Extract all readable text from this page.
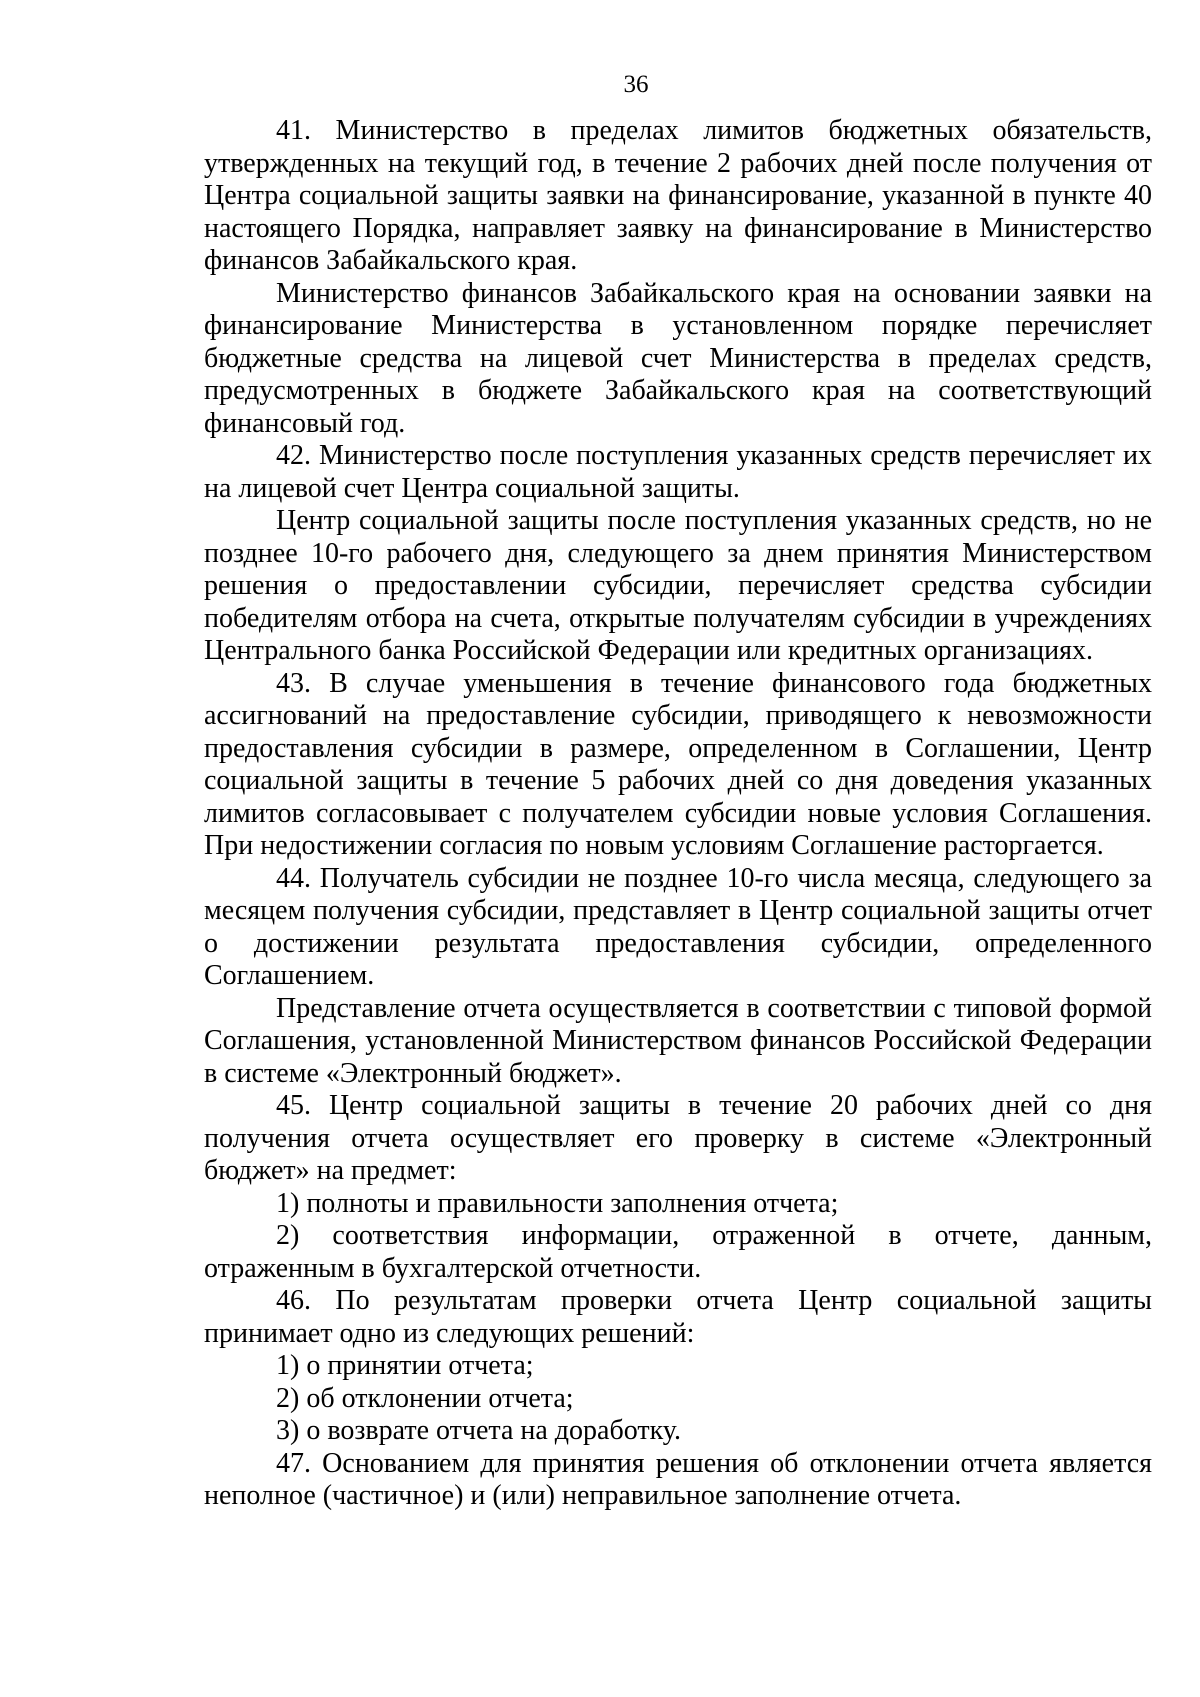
36

41. Министерство в пределах лимитов бюджетных обязательств, утвержденных на текущий год, в течение 2 рабочих дней после получения от Центра социальной защиты заявки на финансирование, указанной в пункте 40 настоящего Порядка, направляет заявку на финансирование в Министерство финансов Забайкальского края.

Министерство финансов Забайкальского края на основании заявки на финансирование Министерства в установленном порядке перечисляет бюджетные средства на лицевой счет Министерства в пределах средств, предусмотренных в бюджете Забайкальского края на соответствующий финансовый год.

42. Министерство после поступления указанных средств перечисляет их на лицевой счет Центра социальной защиты.

Центр социальной защиты после поступления указанных средств, но не позднее 10-го рабочего дня, следующего за днем принятия Министерством решения о предоставлении субсидии, перечисляет средства субсидии победителям отбора на счета, открытые получателям субсидии в учреждениях Центрального банка Российской Федерации или кредитных организациях.

43. В случае уменьшения в течение финансового года бюджетных ассигнований на предоставление субсидии, приводящего к невозможности предоставления субсидии в размере, определенном в Соглашении, Центр социальной защиты в течение 5 рабочих дней со дня доведения указанных лимитов согласовывает с получателем субсидии новые условия Соглашения. При недостижении согласия по новым условиям Соглашение расторгается.

44. Получатель субсидии не позднее 10-го числа месяца, следующего за месяцем получения субсидии, представляет в Центр социальной защиты отчет о достижении результата предоставления субсидии, определенного Соглашением.

Представление отчета осуществляется в соответствии с типовой формой Соглашения, установленной Министерством финансов Российской Федерации в системе «Электронный бюджет».

45. Центр социальной защиты в течение 20 рабочих дней со дня получения отчета осуществляет его проверку в системе «Электронный бюджет» на предмет:

1) полноты и правильности заполнения отчета;

2) соответствия информации, отраженной в отчете, данным, отраженным в бухгалтерской отчетности.

46. По результатам проверки отчета Центр социальной защиты принимает одно из следующих решений:

1) о принятии отчета;

2) об отклонении отчета;

3) о возврате отчета на доработку.

47. Основанием для принятия решения об отклонении отчета является неполное (частичное) и (или) неправильное заполнение отчета.
